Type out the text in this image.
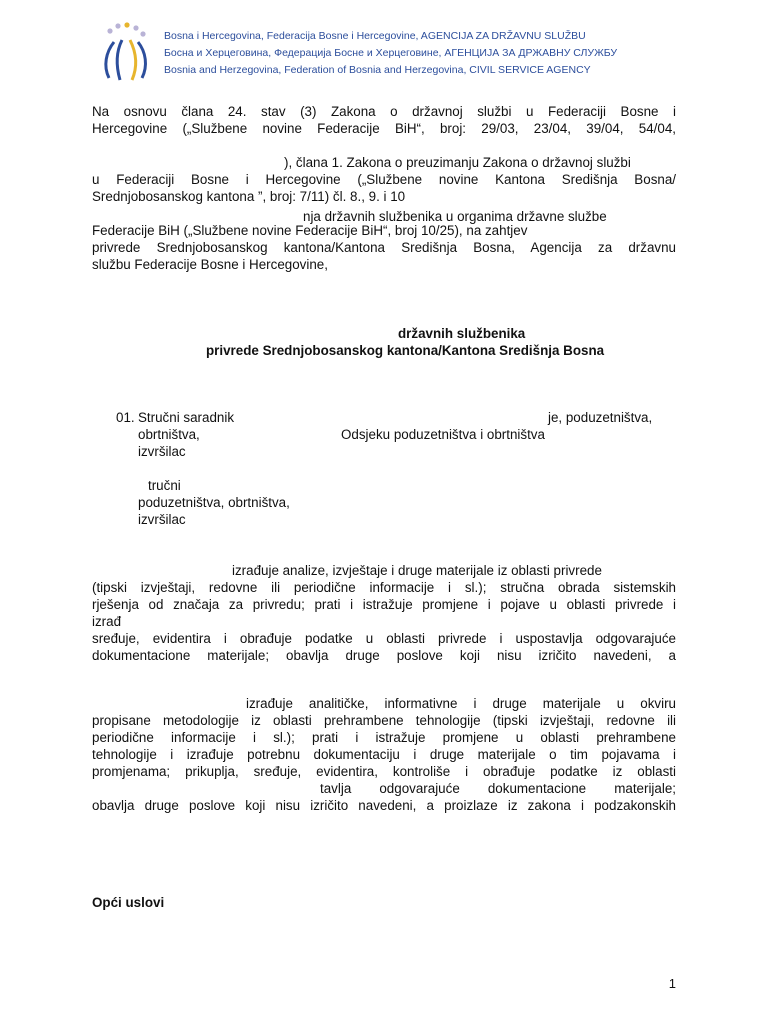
Bosna i Hercegovina, Federacija Bosne i Hercegovine, AGENCIJA ZA DRŽAVNU SLUŽBU
Босна и Херцеговина, Федерација Босне и Херцеговине, АГЕНЦИЈА ЗА ДРЖАВНУ СЛУЖБУ
Bosnia and Herzegovina, Federation of Bosnia and Herzegovina, CIVIL SERVICE AGENCY
Na osnovu člana 24. stav (3) Zakona o državnoj službi u Federaciji Bosne i
Hercegovine („Službene novine Federacije BiH“, broj: 29/03, 23/04, 39/04, 54/04,
), člana 1. Zakona o preuzimanju Zakona o državnoj službi
u Federaciji Bosne i Hercegovine („Službene novine Kantona Središnja Bosna/
Srednjobosanskog kantona ”, broj: 7/11) čl. 8., 9. i 10
nja državnih službenika u organima državne službe
Federacije BiH („Službene novine Federacije BiH“, broj 10/25), na zahtjev
privrede Srednjobosanskog kantona/Kantona Središnja Bosna, Agencija za državnu
službu Federacije Bosne i Hercegovine,
državnih službenika
privrede Srednjobosanskog kantona/Kantona Središnja Bosna
01. Stručni saradnik	je, poduzetništva,
obrtništva,	Odsjeku poduzetništva i obrtništva
izvršilac
tručni
poduzetništva, obrtništva,
izvršilac
izrađuje analize, izvještaje i druge materijale iz oblasti privrede
(tipski izvještaji, redovne ili periodične informacije i sl.); stručna obrada sistemskih
rješenja od značaja za privredu; prati i istražuje promjene i pojave u oblasti privrede i
izrađ
sređuje, evidentira i obrađuje podatke u oblasti privrede i uspostavlja odgovarajuće
dokumentacione materijale; obavlja druge poslove koji nisu izričito navedeni, a
izrađuje analitičke, informativne i druge materijale u okviru
propisane metodologije iz oblasti prehrambene tehnologije (tipski izvještaji, redovne ili
periodične informacije i sl.); prati i istražuje promjene u oblasti prehrambene
tehnologije i izrađuje potrebnu dokumentaciju i druge materijale o tim pojavama i
promjenama; prikuplja, sređuje, evidentira, kontroliše i obrađuje podatke iz oblasti
tavlja odgovarajuće dokumentacione materijale;
obavlja druge poslove koji nisu izričito navedeni, a proizlaze iz zakona i podzakonskih
Opći uslovi
1
